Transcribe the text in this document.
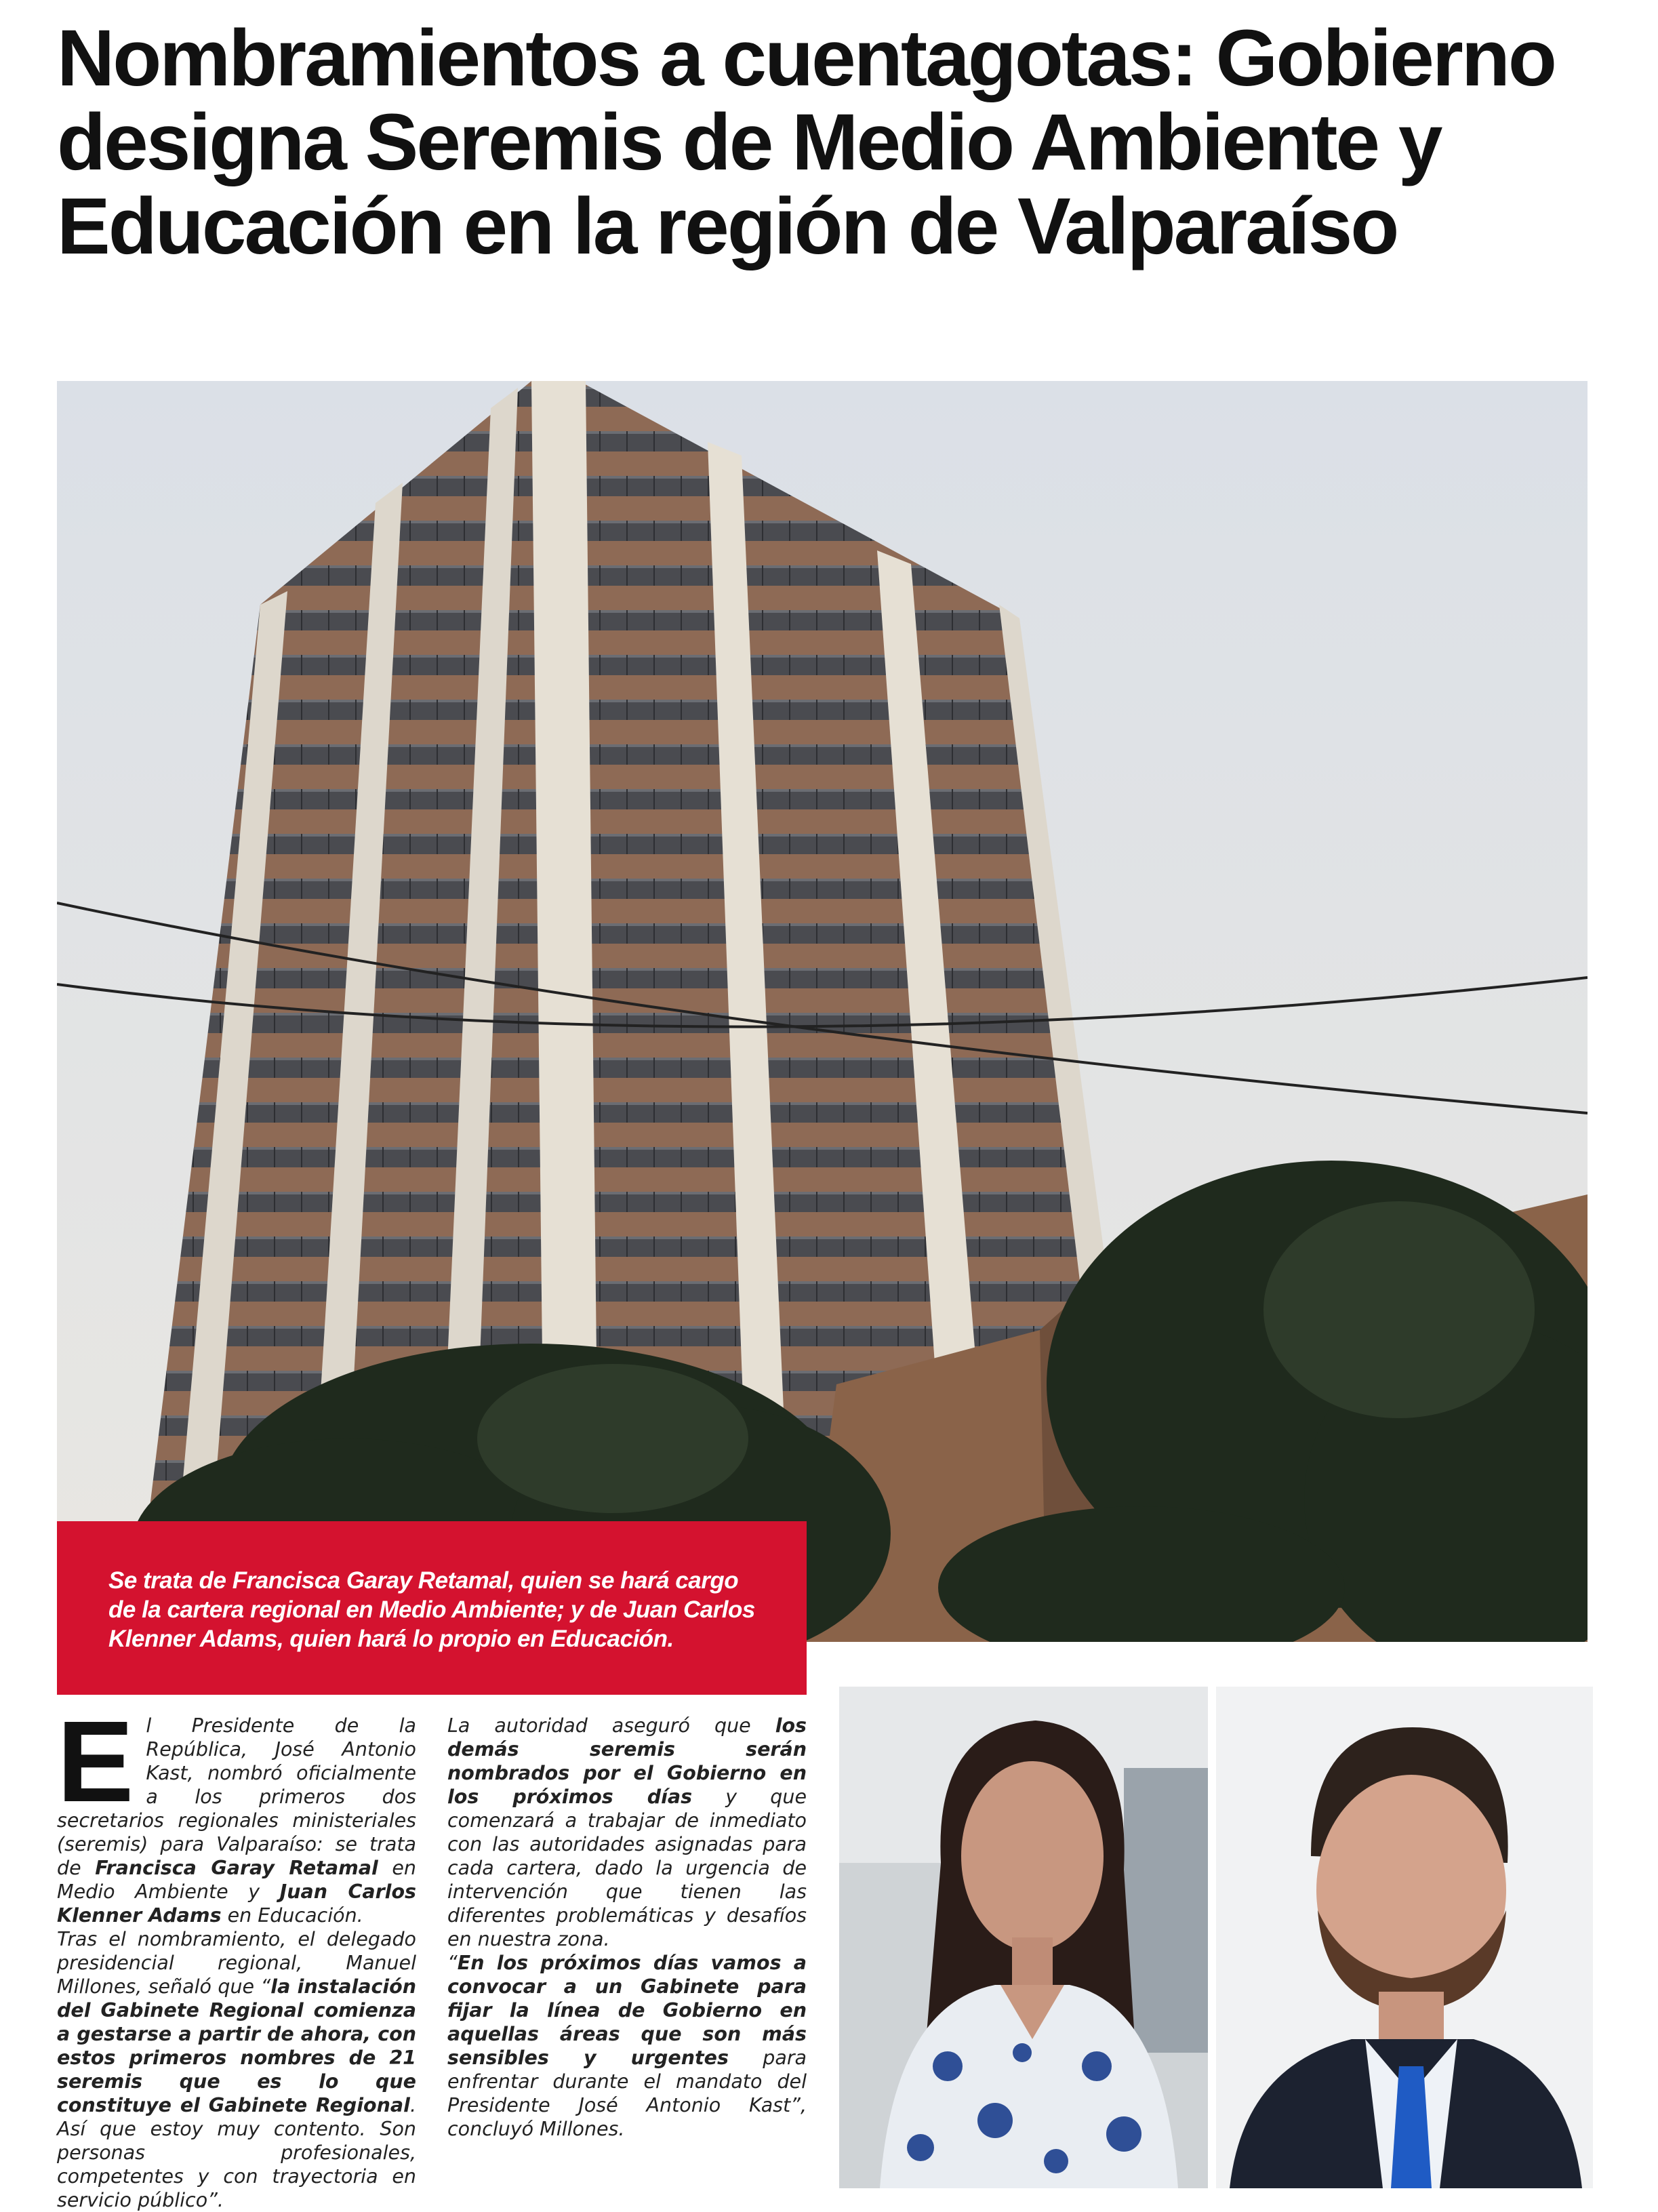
Nombramientos a cuentagotas: Gobierno designa Seremis de Medio Ambiente y Educación en la región de Valparaíso
Se trata de Francisca Garay Retamal, quien se hará cargo de la cartera regional en Medio Ambiente; y de Juan Carlos Klenner Adams, quien hará lo propio en Educación.

El Presidente de la República, José Antonio Kast, nombró oficialmente a los primeros dos secretarios regionales ministeriales (seremis) para Valparaíso: se trata de Francisca Garay Retamal en Medio Ambiente y Juan Carlos Klenner Adams en Educación.

Tras el nombramiento, el delegado presidencial regional, Manuel Millones, señaló que “la instalación del Gabinete Regional comienza a gestarse a partir de ahora, con estos primeros nombres de 21 seremis que es lo que constituye el Gabinete Regional. Así que estoy muy contento. Son personas profesionales, competentes y con trayectoria en servicio público”.

La autoridad aseguró que los demás seremis serán nombrados por el Gobierno en los próximos días y que comenzará a trabajar de inmediato con las autoridades asignadas para cada cartera, dado la urgencia de intervención que tienen las diferentes problemáticas y desafíos en nuestra zona.

“En los próximos días vamos a convocar a un Gabinete para fijar la línea de Gobierno en aquellas áreas que son más sensibles y urgentes para enfrentar durante el mandato del Presidente José Antonio Kast”, concluyó Millones.
